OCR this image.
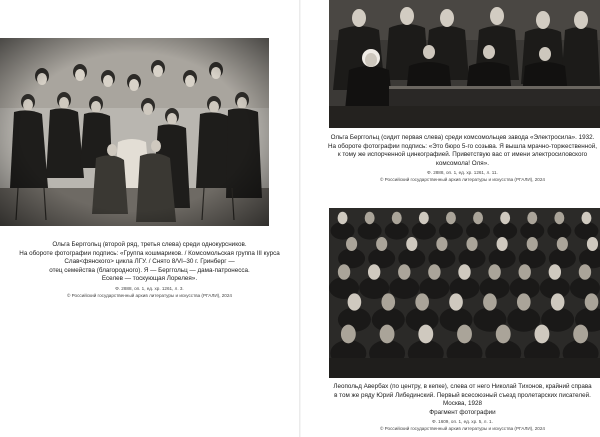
Ольга Берггольц (второй ряд, третья слева) среди однокурсников.
На обороте фотографии подпись: «Группа кошмариков. / Комсомольская группа III курса
Слав<фянского> цикла ЛГУ. / Снято 8/VI–30 г. Гринберг —
отец семейства (благородного). Я — Берггольц — дама-патронесса.
Еселев — тоскующая Лорелея».
Ф. 2888, оп. 1, ед. хр. 1261, л. 3.
© Российский государственный архив литературы и искусства (РГАЛИ), 2024
Ольга Берггольц (сидит первая слева) среди комсомольцев завода «Электросила». 1932.
На обороте фотографии подпись: «Это бюро 5-го созыва. Я вышла мрачно-торжественной,
к тому же испорченной цинкографией. Приветствую вас от имени электросиловского
комсомола! Оля».
Ф. 2888, оп. 1, ед. хр. 1261, л. 11.
© Российский государственный архив литературы и искусства (РГАЛИ), 2024
Леопольд Авербах (по центру, в кепке), слева от него Николай Тихонов, крайний справа
в том же ряду Юрий Либединский. Первый всесоюзный съезд пролетарских писателей.
Москва, 1928
Фрагмент фотографии
Ф. 1609, оп. 1, ед. хр. 5, л. 1.
© Российский государственный архив литературы и искусства (РГАЛИ), 2024
